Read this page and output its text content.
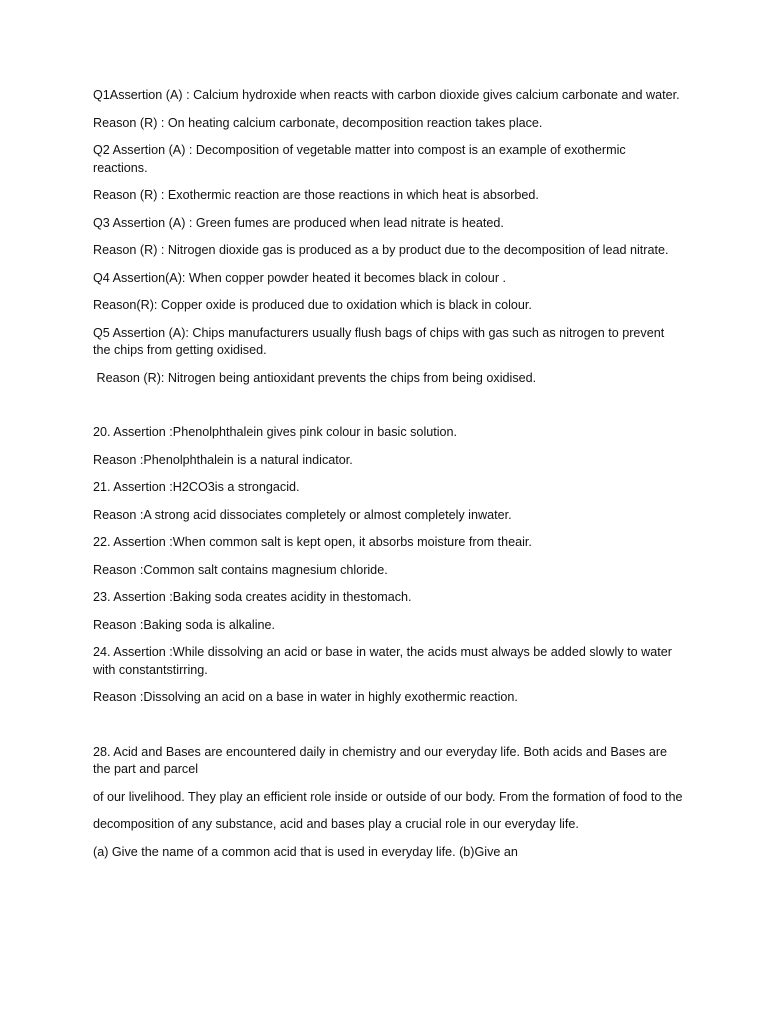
Q1Assertion (A) : Calcium hydroxide when reacts with carbon dioxide gives calcium carbonate and water.

Reason (R) : On heating calcium carbonate, decomposition reaction takes place.

Q2 Assertion (A) : Decomposition of vegetable matter into compost is an example of exothermic reactions.

Reason (R) : Exothermic reaction are those reactions in which heat is absorbed.

Q3 Assertion (A) : Green fumes are produced when lead nitrate is heated.

Reason (R) : Nitrogen dioxide gas is produced as a by product due to the decomposition of lead nitrate.

Q4 Assertion(A): When copper powder heated it becomes black in colour .

Reason(R): Copper oxide is produced due to oxidation which is black in colour.

Q5 Assertion (A): Chips manufacturers usually flush bags of chips with gas such as nitrogen to prevent the chips from getting oxidised.

Reason (R): Nitrogen being antioxidant prevents the chips from being oxidised.

20. Assertion :Phenolphthalein gives pink colour in basic solution.

Reason :Phenolphthalein is a natural indicator.

21. Assertion :H2CO3is a strongacid.

Reason :A strong acid dissociates completely or almost completely inwater.

22. Assertion :When common salt is kept open, it absorbs moisture from theair.

Reason :Common salt contains magnesium chloride.

23. Assertion :Baking soda creates acidity in thestomach.

Reason :Baking soda is alkaline.

24. Assertion :While dissolving an acid or base in water, the acids must always be added slowly to water with constantstirring.

Reason :Dissolving an acid on a base in water in highly exothermic reaction.

28. Acid and Bases are encountered daily in chemistry and our everyday life. Both acids and Bases are the part and parcel

of our livelihood. They play an efficient role inside or outside of our body. From the formation of food to the

decomposition of any substance, acid and bases play a crucial role in our everyday life.

(a) Give the name of a common acid that is used in everyday life. (b)Give an
